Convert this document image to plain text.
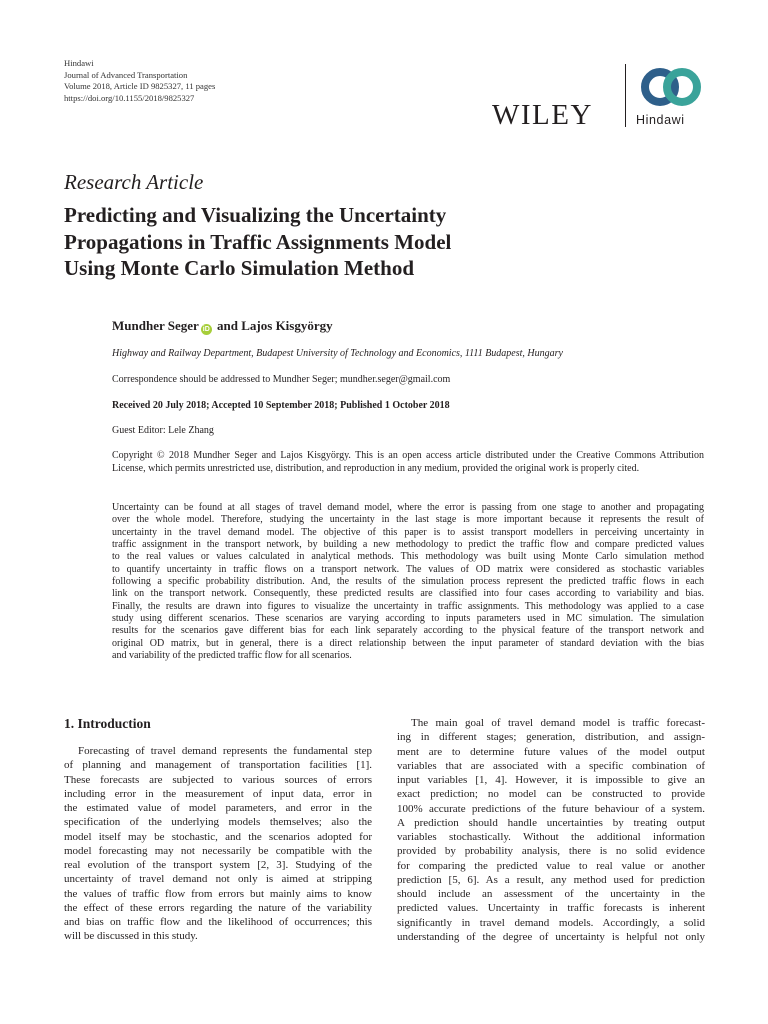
Hindawi
Journal of Advanced Transportation
Volume 2018, Article ID 9825327, 11 pages
https://doi.org/10.1155/2018/9825327
WILEY	Hindawi
Research Article
Predicting and Visualizing the Uncertainty
Propagations in Traffic Assignments Model
Using Monte Carlo Simulation Method
Mundher Seger iD and Lajos Kisgyörgy
Highway and Railway Department, Budapest University of Technology and Economics, 1111 Budapest, Hungary
Correspondence should be addressed to Mundher Seger; mundher.seger@gmail.com
Received 20 July 2018; Accepted 10 September 2018; Published 1 October 2018
Guest Editor: Lele Zhang
Copyright © 2018 Mundher Seger and Lajos Kisgyörgy. This is an open access article distributed under the Creative Commons Attribution License, which permits unrestricted use, distribution, and reproduction in any medium, provided the original work is properly cited.
Uncertainty can be found at all stages of travel demand model, where the error is passing from one stage to another and propagating
over the whole model. Therefore, studying the uncertainty in the last stage is more important because it represents the result of
uncertainty in the travel demand model. The objective of this paper is to assist transport modellers in perceiving uncertainty in
traffic assignment in the transport network, by building a new methodology to predict the traffic flow and compare predicted values
to the real values or values calculated in analytical methods. This methodology was built using Monte Carlo simulation method
to quantify uncertainty in traffic flows on a transport network. The values of OD matrix were considered as stochastic variables
following a specific probability distribution. And, the results of the simulation process represent the predicted traffic flows in each
link on the transport network. Consequently, these predicted results are classified into four cases according to variability and bias.
Finally, the results are drawn into figures to visualize the uncertainty in traffic assignments. This methodology was applied to a case
study using different scenarios. These scenarios are varying according to inputs parameters used in MC simulation. The simulation
results for the scenarios gave different bias for each link separately according to the physical feature of the transport network and
original OD matrix, but in general, there is a direct relationship between the input parameter of standard deviation with the bias
and variability of the predicted traffic flow for all scenarios.
1. Introduction
Forecasting of travel demand represents the fundamental step
of planning and management of transportation facilities [1].
These forecasts are subjected to various sources of errors
including error in the measurement of input data, error in
the estimated value of model parameters, and error in the
specification of the underlying models themselves; also the
model itself may be stochastic, and the scenarios adopted for
model forecasting may not necessarily be compatible with the
real evolution of the transport system [2, 3]. Studying of the
uncertainty of travel demand not only is aimed at stripping
the values of traffic flow from errors but mainly aims to know
the effect of these errors regarding the nature of the variability
and bias on traffic flow and the likelihood of occurrences; this
will be discussed in this study.
The main goal of travel demand model is traffic forecast-
ing in different stages; generation, distribution, and assign-
ment are to determine future values of the model output
variables that are associated with a specific combination of
input variables [1, 4]. However, it is impossible to give an
exact prediction; no model can be constructed to provide
100% accurate predictions of the future behaviour of a system.
A prediction should handle uncertainties by treating output
variables stochastically. Without the additional information
provided by probability analysis, there is no solid evidence
for comparing the predicted value to real value or another
prediction [5, 6]. As a result, any method used for prediction
should include an assessment of the uncertainty in the
predicted values. Uncertainty in traffic forecasts is inherent
significantly in travel demand models. Accordingly, a solid
understanding of the degree of uncertainty is helpful not only
